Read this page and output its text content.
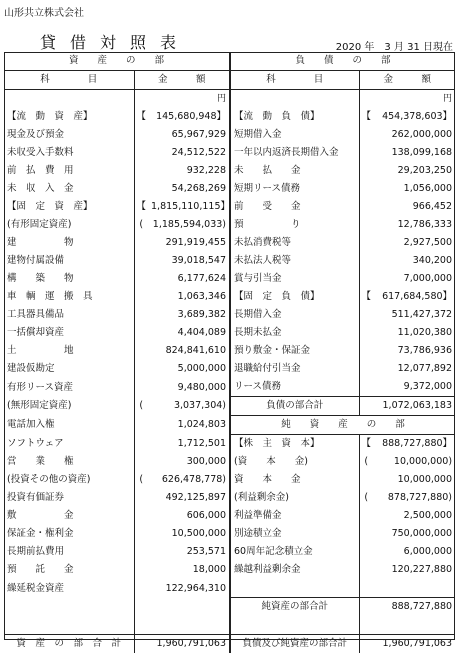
山形共立株式会社
貸借対照表	2020 年　3 月 31 日現在
資　　産　　の　　部			負　　債　　の　　部		
科　　　　目	金　　　額		科　　　　目	金　　　額	
	円			円	
【流　動　資　産】	【	145,680,948】	【流　動　負　債】	【	454,378,603】
現金及び預金		65,967,929	短期借入金		262,000,000
未収受入手数料		24,512,522	一年以内返済長期借入金		138,099,168
前　払　費　用		932,228	未　　払　　金		29,203,250
未　収　入　金		54,268,269	短期リース債務		1,056,000
【固　定　資　産】	【	1,815,110,115】	前　　受　　金		966,452
(有形固定資産)	(	1,185,594,033)	預　　　　　り		12,786,333
建　　　　　物		291,919,455	未払消費税等		2,927,500
建物付属設備		39,018,547	未払法人税等		340,200
構　　築　　物		6,177,624	賞与引当金		7,000,000
車　輌　運　搬　具		1,063,346	【固　定　負　債】	【	617,684,580】
工具器具備品		3,689,382	長期借入金		511,427,372
一括償却資産		4,404,089	長期未払金		11,020,380
土　　　　　地		824,841,610	預り敷金・保証金		73,786,936
建設仮勘定		5,000,000	退職給付引当金		12,077,892
有形リース資産		9,480,000	リース債務		9,372,000
(無形固定資産)	(	3,037,304)	負債の部合計		1,072,063,183
電話加入権		1,024,803	純　　資　　産　　の　　部		
ソフトウェア		1,712,501	【株　主　資　本】	【	888,727,880】
営　　業　　権		300,000	(資　　本　　金)	(	10,000,000)
(投資その他の資産)	(	626,478,778)	資　　本　　金		10,000,000
投資有価証券		492,125,897	(利益剰余金)	(	878,727,880)
敷　　　　　金		606,000	利益準備金		2,500,000
保証金・権利金		10,500,000	別途積立金		750,000,000
長期前払費用		253,571	60周年記念積立金		6,000,000
預　　託　　金		18,000	繰越利益剰余金		120,227,880
繰延税金資産		122,964,310			
			純資産の部合計		888,727,880

資　産　の　部　合　計		1,960,791,063	負債及び純資産の部合計		1,960,791,063
